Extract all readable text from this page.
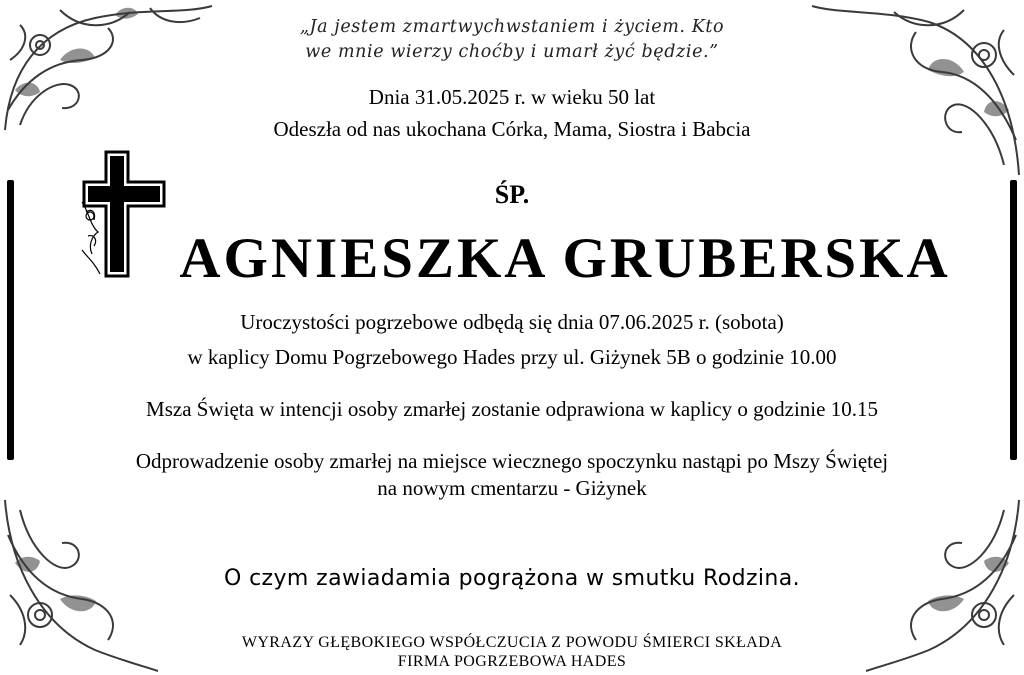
„Ja jestem zmartwychwstaniem i życiem. Kto
we mnie wierzy choćby i umarł żyć będzie.”
Dnia 31.05.2025 r. w wieku 50 lat
Odeszła od nas ukochana Córka, Mama, Siostra i Babcia
ŚP.
AGNIESZKA GRUBERSKA
Uroczystości pogrzebowe odbędą się dnia 07.06.2025 r. (sobota)
w kaplicy Domu Pogrzebowego Hades przy ul. Giżynek 5B o godzinie 10.00
Msza Święta w intencji osoby zmarłej zostanie odprawiona w kaplicy o godzinie 10.15
Odprowadzenie osoby zmarłej na miejsce wiecznego spoczynku nastąpi po Mszy Świętej
na nowym cmentarzu - Giżynek
O czym zawiadamia pogrążona w smutku Rodzina.
WYRAZY GŁĘBOKIEGO WSPÓŁCZUCIA Z POWODU ŚMIERCI SKŁADA
FIRMA POGRZEBOWA HADES
